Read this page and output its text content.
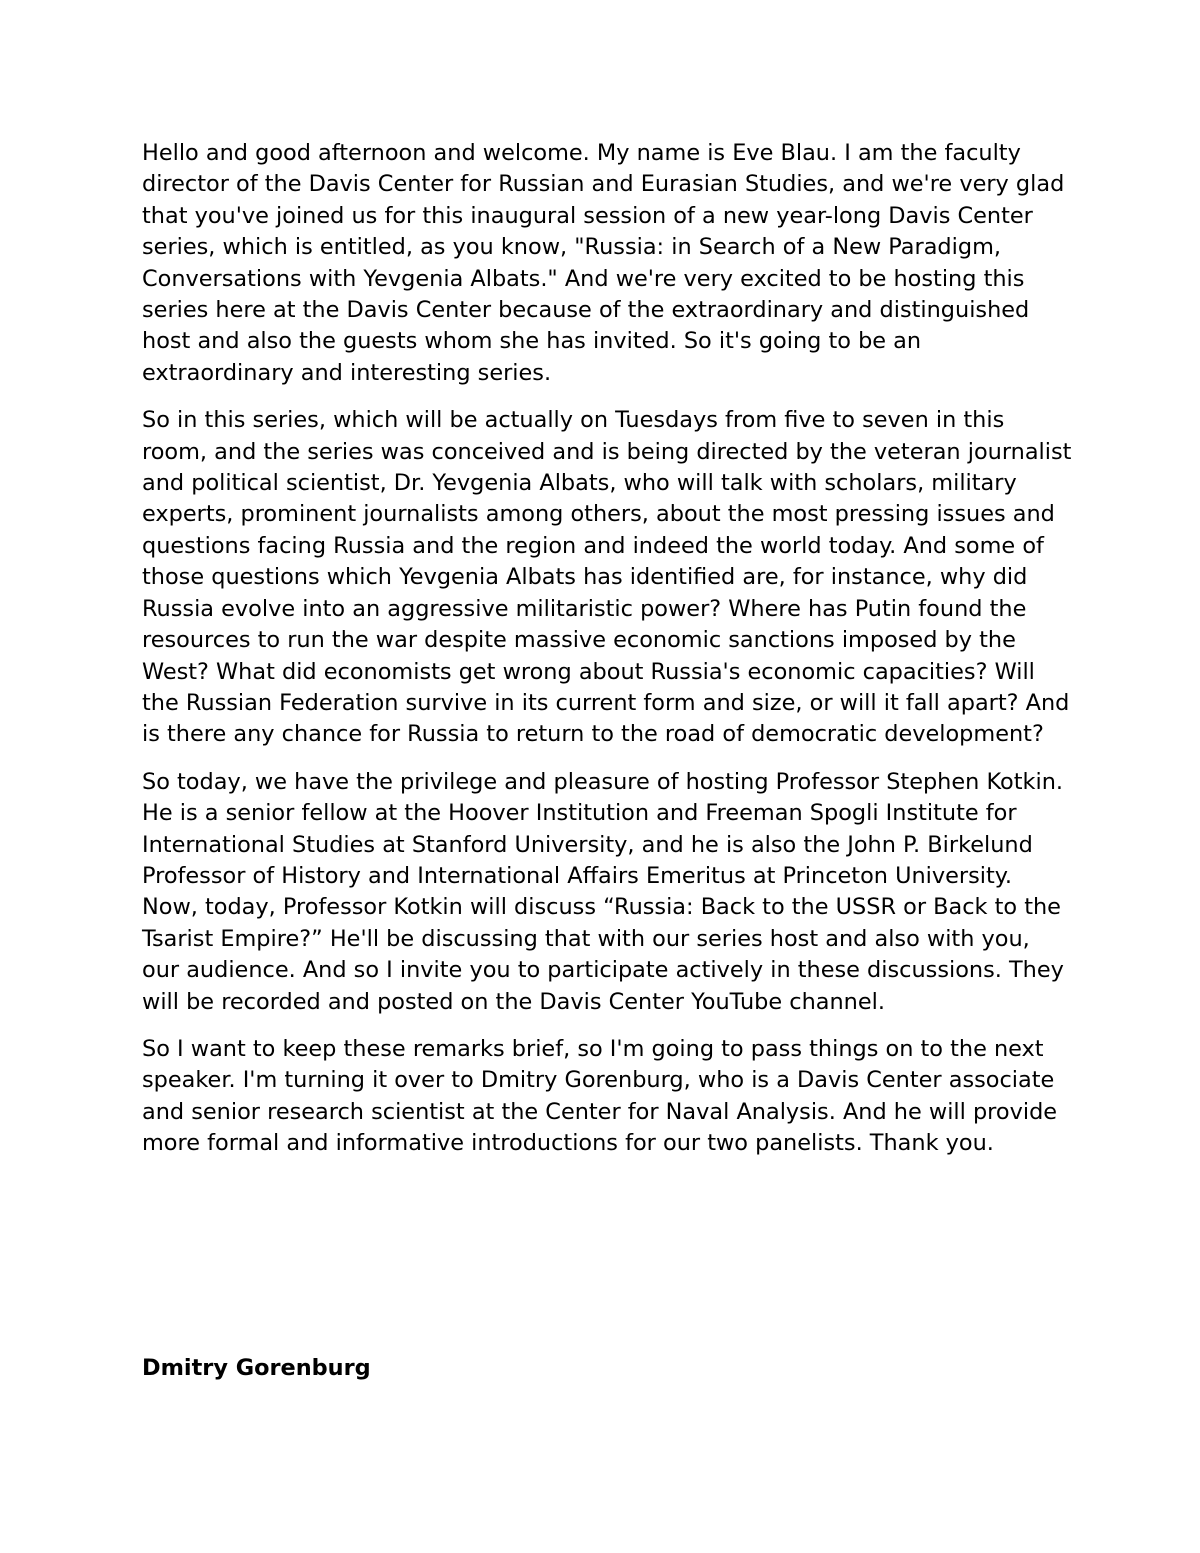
Hello and good afternoon and welcome. My name is Eve Blau. I am the faculty director of the Davis Center for Russian and Eurasian Studies, and we're very glad that you've joined us for this inaugural session of a new year-long Davis Center series, which is entitled, as you know, "Russia: in Search of a New Paradigm, Conversations with Yevgenia Albats." And we're very excited to be hosting this series here at the Davis Center because of the extraordinary and distinguished host and also the guests whom she has invited. So it's going to be an extraordinary and interesting series.

So in this series, which will be actually on Tuesdays from five to seven in this room, and the series was conceived and is being directed by the veteran journalist and political scientist, Dr. Yevgenia Albats, who will talk with scholars, military experts, prominent journalists among others, about the most pressing issues and questions facing Russia and the region and indeed the world today. And some of those questions which Yevgenia Albats has identified are, for instance, why did Russia evolve into an aggressive militaristic power? Where has Putin found the resources to run the war despite massive economic sanctions imposed by the West? What did economists get wrong about Russia's economic capacities? Will the Russian Federation survive in its current form and size, or will it fall apart? And is there any chance for Russia to return to the road of democratic development?

So today, we have the privilege and pleasure of hosting Professor Stephen Kotkin. He is a senior fellow at the Hoover Institution and Freeman Spogli Institute for International Studies at Stanford University, and he is also the John P. Birkelund Professor of History and International Affairs Emeritus at Princeton University. Now, today, Professor Kotkin will discuss “Russia: Back to the USSR or Back to the Tsarist Empire?” He'll be discussing that with our series host and also with you, our audience. And so I invite you to participate actively in these discussions. They will be recorded and posted on the Davis Center YouTube channel.

So I want to keep these remarks brief, so I'm going to pass things on to the next speaker. I'm turning it over to Dmitry Gorenburg, who is a Davis Center associate and senior research scientist at the Center for Naval Analysis. And he will provide more formal and informative introductions for our two panelists. Thank you.

Dmitry Gorenburg
